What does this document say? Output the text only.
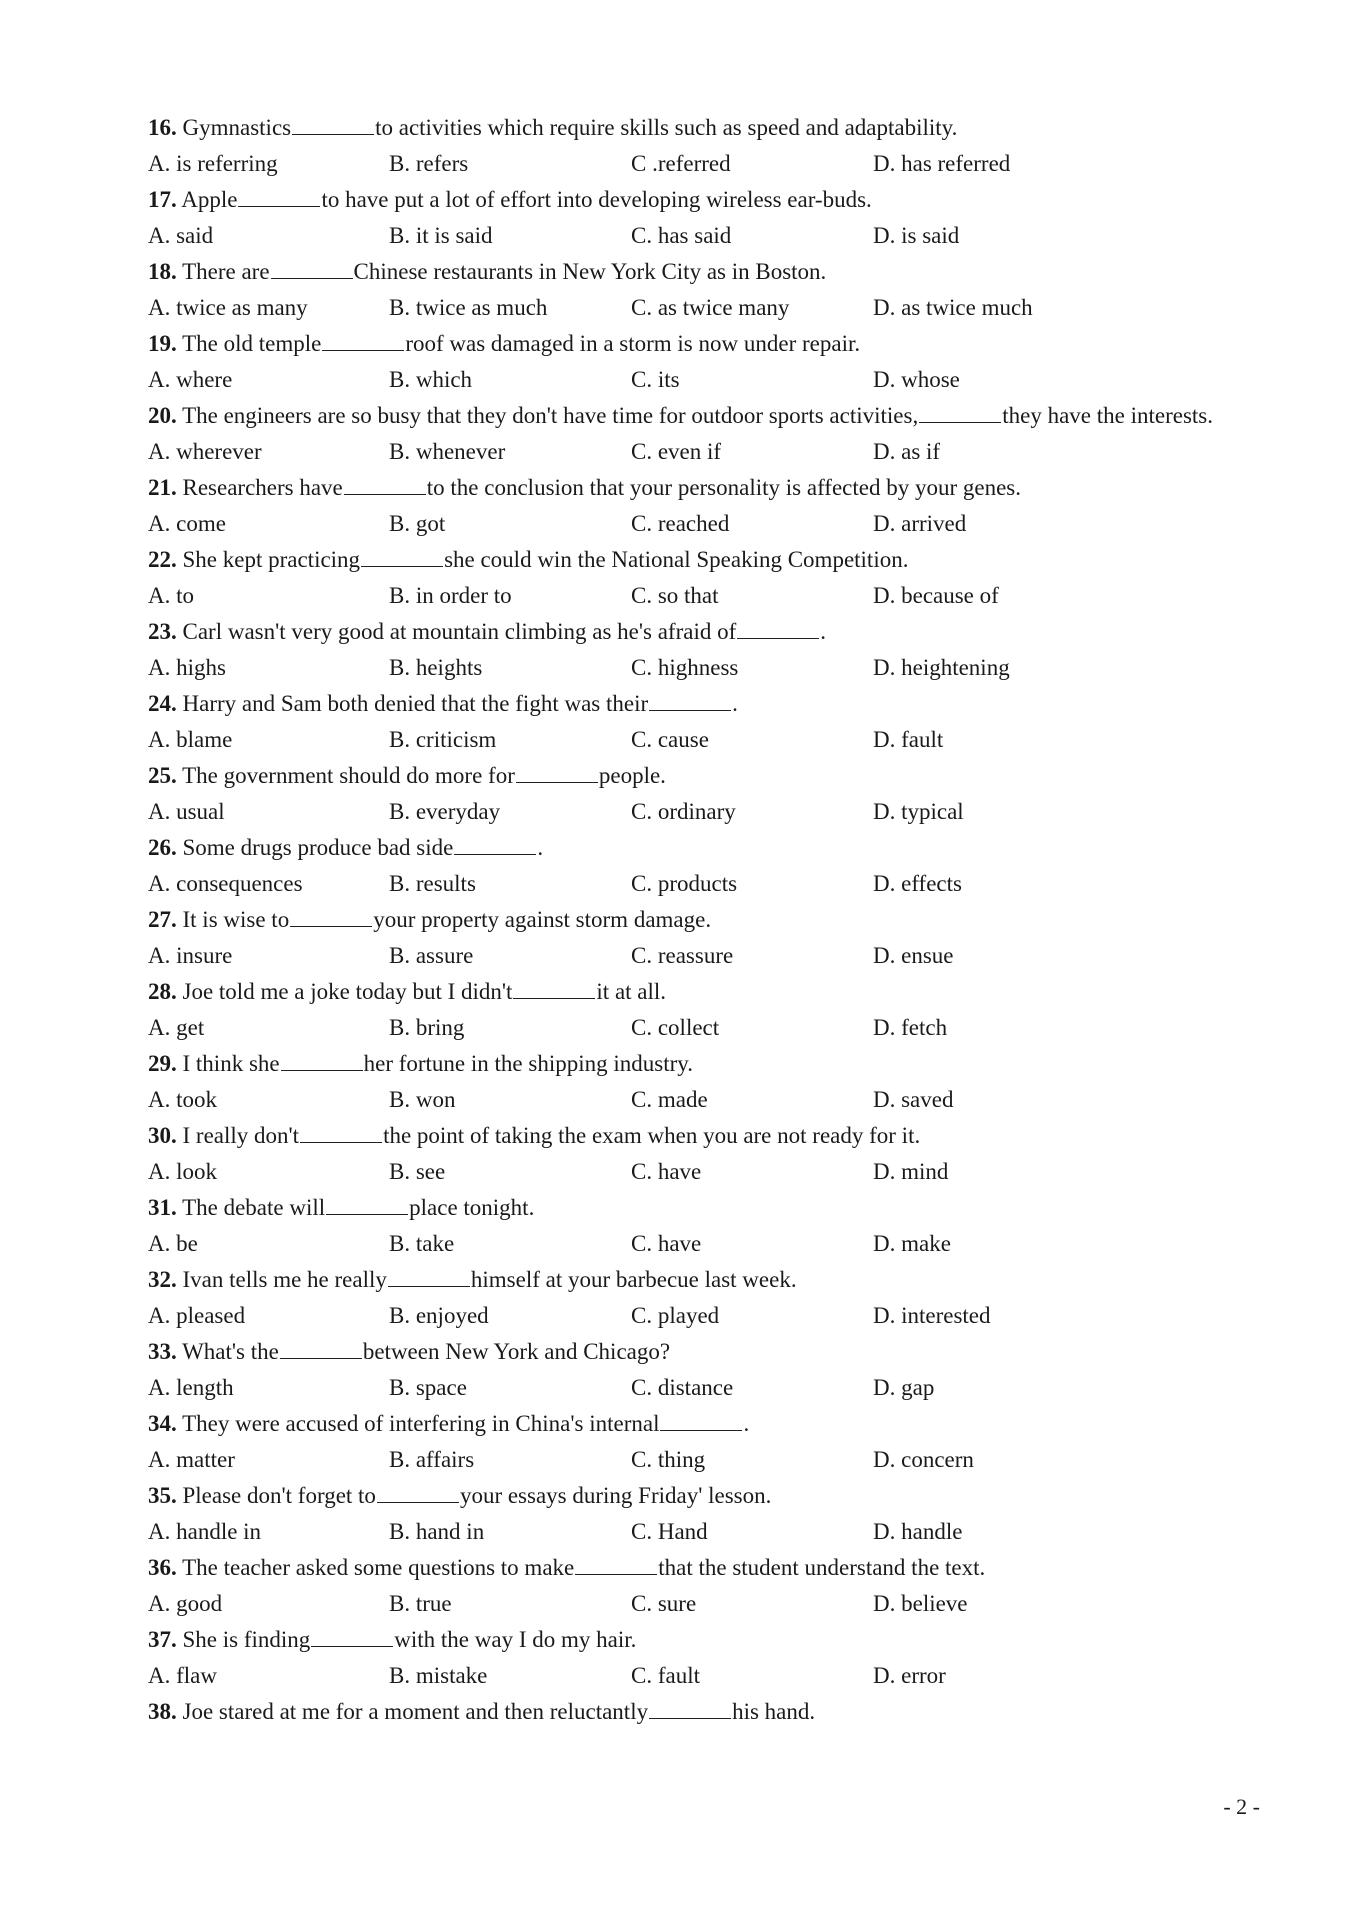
16. Gymnastics	to activities which require skills such as speed and adaptability.
A. is referring	B. refers	C .referred	D. has referred
17. Apple	to have put a lot of effort into developing wireless ear-buds.
A. said	B. it is said	C. has said	D. is said
18. There are	Chinese restaurants in New York City as in Boston.
A. twice as many	B. twice as much	C. as twice many	D. as twice much
19. The old temple	roof was damaged in a storm is now under repair.
A. where	B. which	C. its	D. whose
20. The engineers are so busy that they don't have time for outdoor sports activities,	they have the interests.
A. wherever	B. whenever	C. even if	D. as if
21. Researchers have	to the conclusion that your personality is affected by your genes.
A. come	B. got	C. reached	D. arrived
22. She kept practicing	she could win the National Speaking Competition.
A. to	B. in order to	C. so that	D. because of
23. Carl wasn't very good at mountain climbing as he's afraid of	.
A. highs	B. heights	C. highness	D. heightening
24. Harry and Sam both denied that the fight was their	.
A. blame	B. criticism	C. cause	D. fault
25. The government should do more for	people.
A. usual	B. everyday	C. ordinary	D. typical
26. Some drugs produce bad side	.
A. consequences	B. results	C. products	D. effects
27. It is wise to	your property against storm damage.
A. insure	B. assure	C. reassure	D. ensue
28. Joe told me a joke today but I didn't	it at all.
A. get	B. bring	C. collect	D. fetch
29. I think she	her fortune in the shipping industry.
A. took	B. won	C. made	D. saved
30. I really don't	the point of taking the exam when you are not ready for it.
A. look	B. see	C. have	D. mind
31. The debate will	place tonight.
A. be	B. take	C. have	D. make
32. Ivan tells me he really	himself at your barbecue last week.
A. pleased	B. enjoyed	C. played	D. interested
33. What's the	between New York and Chicago?
A. length	B. space	C. distance	D. gap
34. They were accused of interfering in China's internal	.
A. matter	B. affairs	C. thing	D. concern
35. Please don't forget to	your essays during Friday' lesson.
A. handle in	B. hand in	C. Hand	D. handle
36. The teacher asked some questions to make	that the student understand the text.
A. good	B. true	C. sure	D. believe
37. She is finding	with the way I do my hair.
A. flaw	B. mistake	C. fault	D. error
38. Joe stared at me for a moment and then reluctantly	his hand.
- 2 -
